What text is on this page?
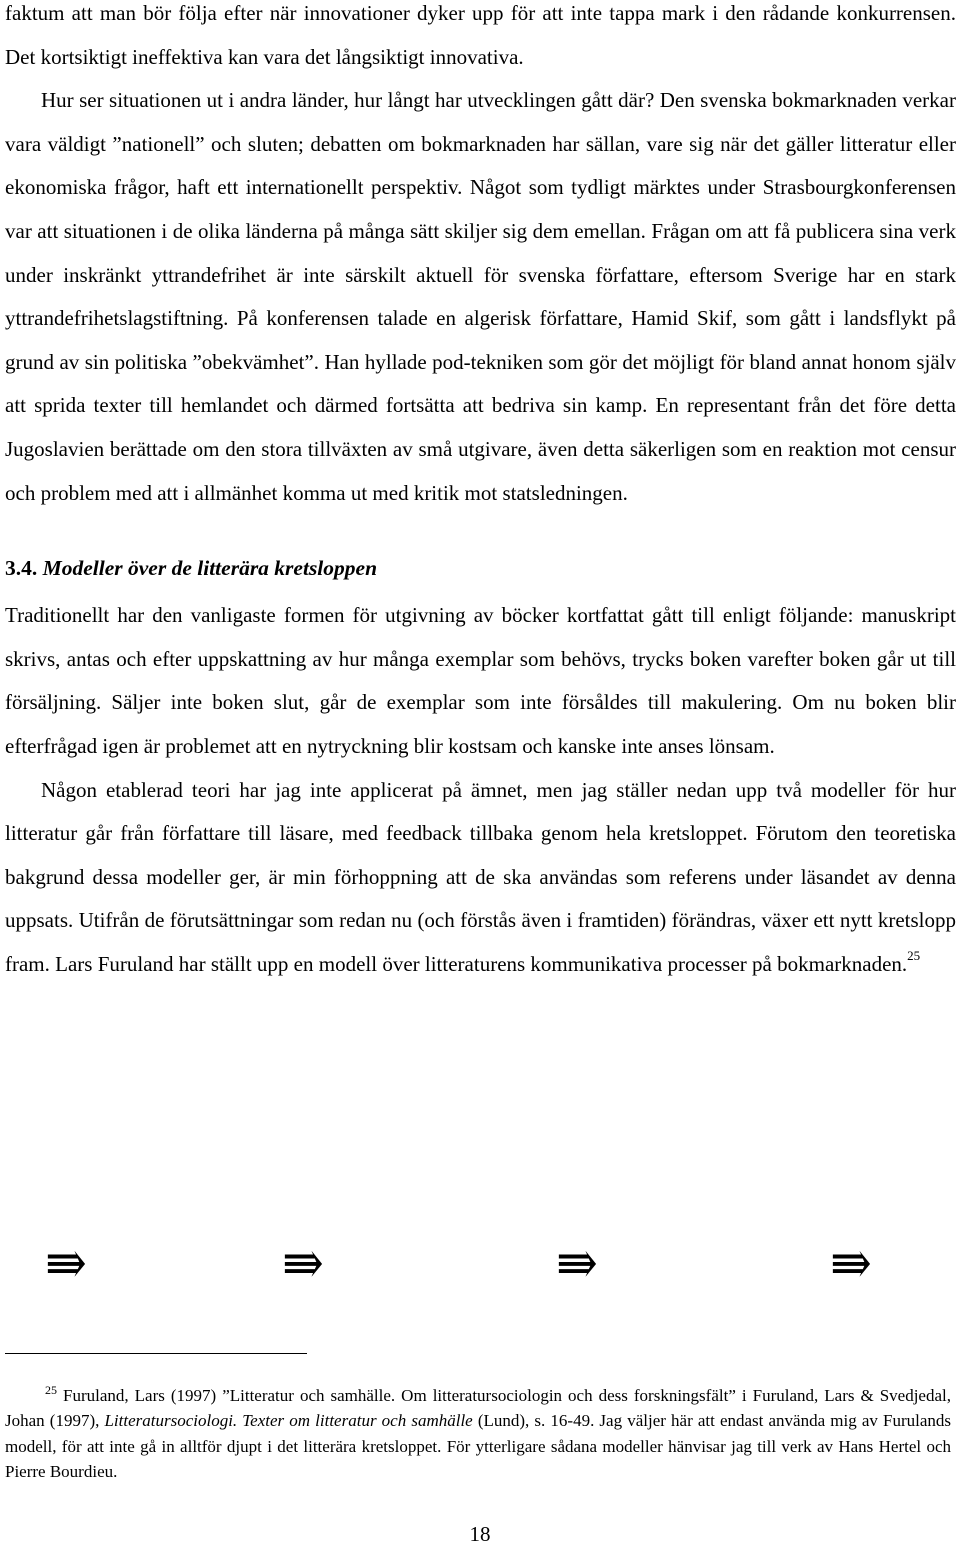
faktum att man bör följa efter när innovationer dyker upp för att inte tappa mark i den rådande konkurrensen. Det kortsiktigt ineffektiva kan vara det långsiktigt innovativa.

Hur ser situationen ut i andra länder, hur långt har utvecklingen gått där? Den svenska bokmarknaden verkar vara väldigt ”nationell” och sluten; debatten om bokmarknaden har sällan, vare sig när det gäller litteratur eller ekonomiska frågor, haft ett internationellt perspektiv. Något som tydligt märktes under Strasbourgkonferensen var att situationen i de olika länderna på många sätt skiljer sig dem emellan. Frågan om att få publicera sina verk under inskränkt yttrandefrihet är inte särskilt aktuell för svenska författare, eftersom Sverige har en stark yttrandefrihetslagstiftning. På konferensen talade en algerisk författare, Hamid Skif, som gått i landsflykt på grund av sin politiska ”obekvämhet”. Han hyllade pod-tekniken som gör det möjligt för bland annat honom själv att sprida texter till hemlandet och därmed fortsätta att bedriva sin kamp. En representant från det före detta Jugoslavien berättade om den stora tillväxten av små utgivare, även detta säkerligen som en reaktion mot censur och problem med att i allmänhet komma ut med kritik mot statsledningen.

3.4. Modeller över de litterära kretsloppen

Traditionellt har den vanligaste formen för utgivning av böcker kortfattat gått till enligt följande: manuskript skrivs, antas och efter uppskattning av hur många exemplar som behövs, trycks boken varefter boken går ut till försäljning. Säljer inte boken slut, går de exemplar som inte försåldes till makulering. Om nu boken blir efterfrågad igen är problemet att en nytryckning blir kostsam och kanske inte anses lönsam.

Någon etablerad teori har jag inte applicerat på ämnet, men jag ställer nedan upp två modeller för hur litteratur går från författare till läsare, med feedback tillbaka genom hela kretsloppet. Förutom den teoretiska bakgrund dessa modeller ger, är min förhoppning att de ska användas som referens under läsandet av denna uppsats. Utifrån de förutsättningar som redan nu (och förstås även i framtiden) förändras, växer ett nytt kretslopp fram. Lars Furuland har ställt upp en modell över litteraturens kommunikativa processer på bokmarknaden.$^{25}$

⇛	⇛	⇛	⇛

$^{25}$ Furuland, Lars (1997) ”Litteratur och samhälle. Om litteratursociologin och dess forskningsfält” i Furuland, Lars & Svedjedal, Johan (1997), Litteratursociologi. Texter om litteratur och samhälle (Lund), s. 16-49. Jag väljer här att endast använda mig av Furulands modell, för att inte gå in alltför djupt i det litterära kretsloppet. För ytterligare sådana modeller hänvisar jag till verk av Hans Hertel och Pierre Bourdieu.

18
